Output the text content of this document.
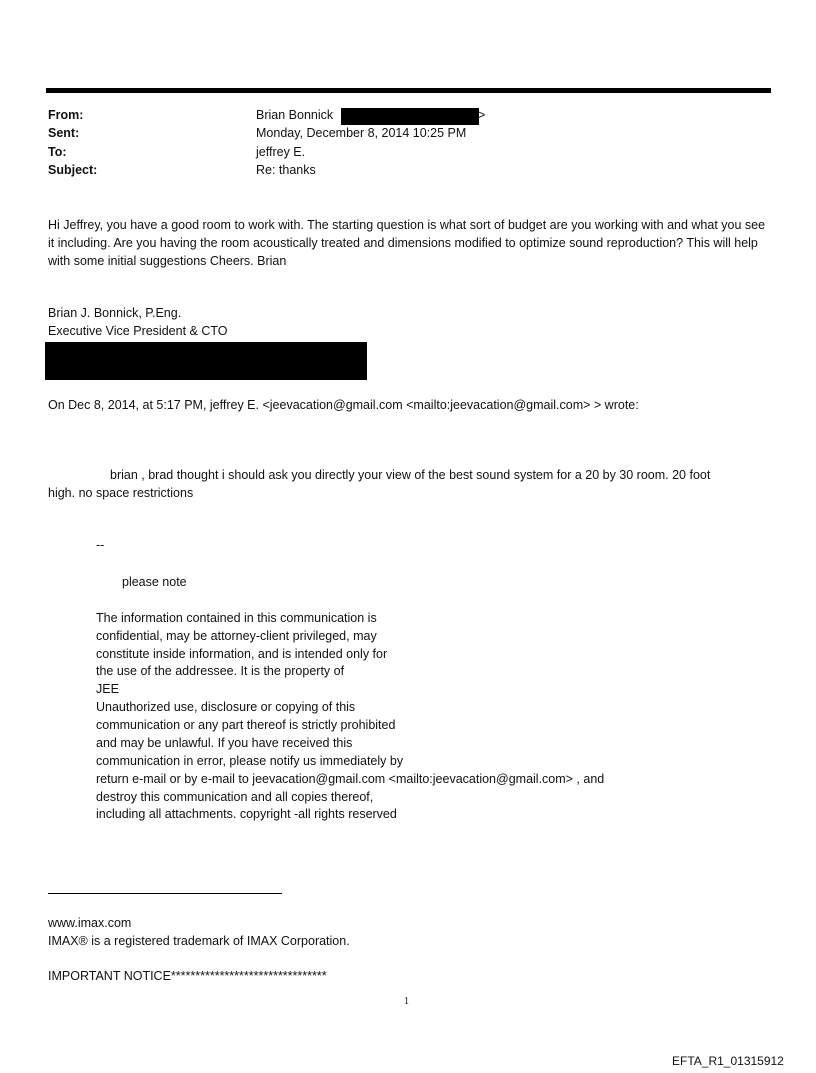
From:	Brian Bonnick	>
Sent:	Monday, December 8, 2014 10:25 PM
To:	jeffrey E.
Subject:	Re: thanks
Hi Jeffrey, you have a good room to work with. The starting question is what sort of budget are you working with and what you see it including. Are you having the room acoustically treated and dimensions modified to optimize sound reproduction? This will help with some initial suggestions Cheers. Brian
Brian J. Bonnick, P.Eng.
Executive Vice President & CTO
On Dec 8, 2014, at 5:17 PM, jeffrey E. <jeevacation@gmail.com <mailto:jeevacation@gmail.com> > wrote:
brian , brad thought i should ask you directly your view of the best sound system for a 20 by 30 room. 20 foot
high. no space restrictions
--
please note
The information contained in this communication is
confidential, may be attorney-client privileged, may
constitute inside information, and is intended only for
the use of the addressee. It is the property of
JEE
Unauthorized use, disclosure or copying of this
communication or any part thereof is strictly prohibited
and may be unlawful. If you have received this
communication in error, please notify us immediately by
return e-mail or by e-mail to jeevacation@gmail.com <mailto:jeevacation@gmail.com> , and
destroy this communication and all copies thereof,
including all attachments. copyright -all rights reserved
www.imax.com
IMAX® is a registered trademark of IMAX Corporation.
IMPORTANT NOTICE********************************
1
EFTA_R1_01315912
